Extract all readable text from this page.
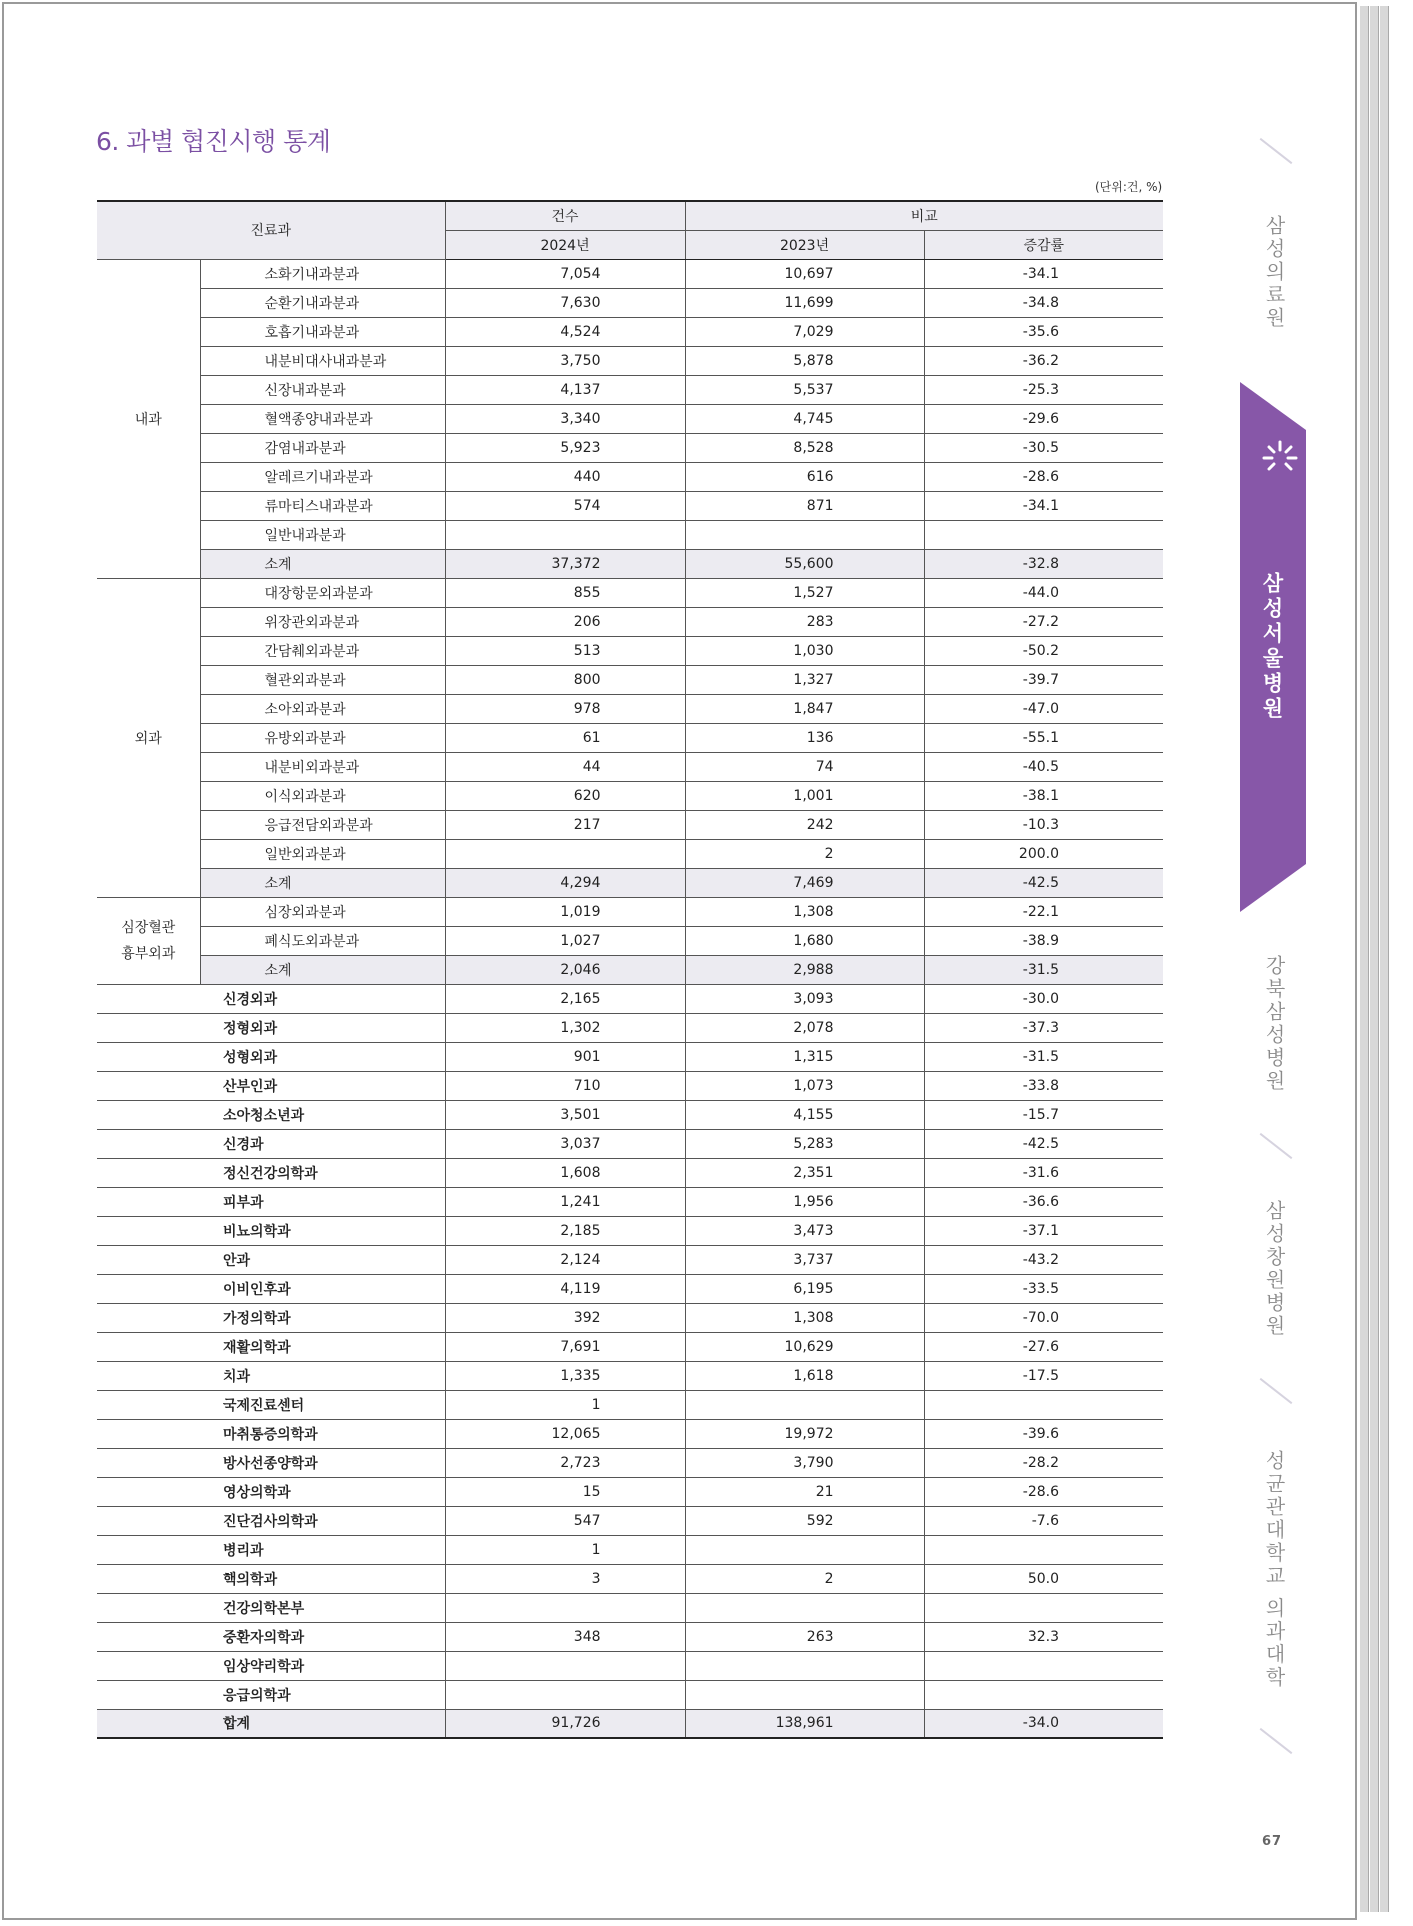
6. 과별 협진시행 통계
(단위:건, %)
진료과		건수	비교	
		2024년	2023년	증감률
내과	소화기내과분과	7,054	10,697	-34.1
	순환기내과분과	7,630	11,699	-34.8
	호흡기내과분과	4,524	7,029	-35.6
	내분비대사내과분과	3,750	5,878	-36.2
	신장내과분과	4,137	5,537	-25.3
	혈액종양내과분과	3,340	4,745	-29.6
	감염내과분과	5,923	8,528	-30.5
	알레르기내과분과	440	616	-28.6
	류마티스내과분과	574	871	-34.1
	일반내과분과			
	소계	37,372	55,600	-32.8
외과	대장항문외과분과	855	1,527	-44.0
	위장관외과분과	206	283	-27.2
	간담췌외과분과	513	1,030	-50.2
	혈관외과분과	800	1,327	-39.7
	소아외과분과	978	1,847	-47.0
	유방외과분과	61	136	-55.1
	내분비외과분과	44	74	-40.5
	이식외과분과	620	1,001	-38.1
	응급전담외과분과	217	242	-10.3
	일반외과분과		2	200.0
	소계	4,294	7,469	-42.5

심장혈관
흉부외과	심장외과분과	1,019	1,308	-22.1
	폐식도외과분과	1,027	1,680	-38.9
	소계	2,046	2,988	-31.5
신경외과		2,165	3,093	-30.0
정형외과		1,302	2,078	-37.3
성형외과		901	1,315	-31.5
산부인과		710	1,073	-33.8
소아청소년과		3,501	4,155	-15.7
신경과		3,037	5,283	-42.5
정신건강의학과		1,608	2,351	-31.6
피부과		1,241	1,956	-36.6
비뇨의학과		2,185	3,473	-37.1
안과		2,124	3,737	-43.2
이비인후과		4,119	6,195	-33.5
가정의학과		392	1,308	-70.0
재활의학과		7,691	10,629	-27.6
치과		1,335	1,618	-17.5
국제진료센터		1		
마취통증의학과		12,065	19,972	-39.6
방사선종양학과		2,723	3,790	-28.2
영상의학과		15	21	-28.6
진단검사의학과		547	592	-7.6
병리과		1		
핵의학과		3	2	50.0
건강의학본부				
중환자의학과		348	263	32.3
임상약리학과				
응급의학과				
합계		91,726	138,961	-34.0
삼성의료원
삼성서울병원
강북삼성병원
삼성창원병원
성균관대학교 의과대학
67
